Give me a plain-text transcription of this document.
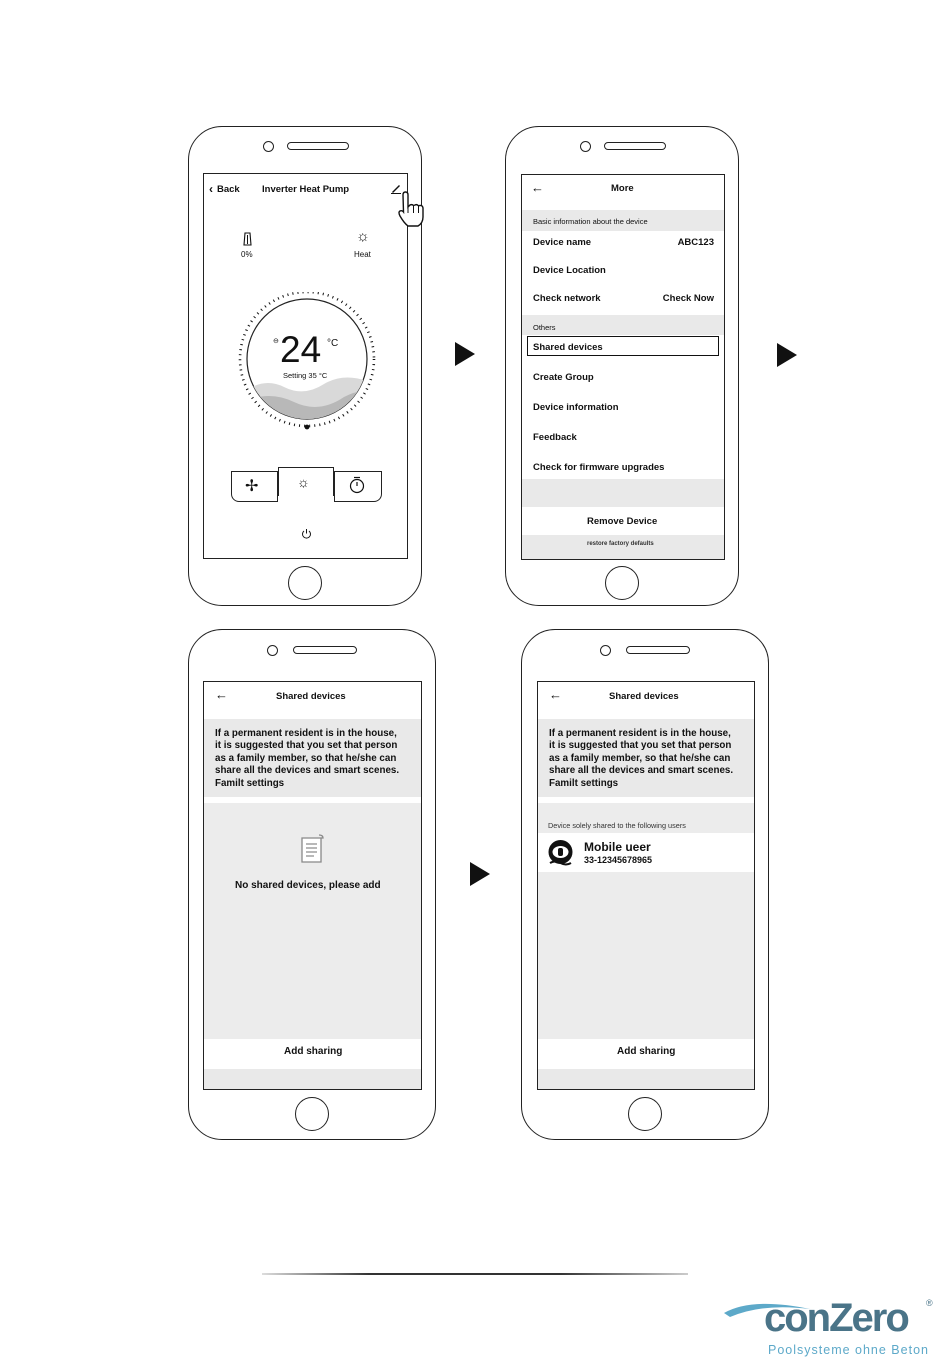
‹ Back Inverter Heat Pump
0%
☼
Heat
⊖ 24 °C
Setting 35 °C
✢	☼
←	More
Basic information about the device
Device name	ABC123
Device Location
Check network	Check Now
Others
Shared devices
Create Group
Device information
Feedback
Check for firmware upgrades
Remove Device
restore factory defaults
←	Shared devices
If a permanent resident is in the house,
it is suggested that you set that person
as a family member, so that he/she can
share all the devices and smart scenes.
Familt settings
No shared devices, please add
Add sharing
←	Shared devices
If a permanent resident is in the house,
it is suggested that you set that person
as a family member, so that he/she can
share all the devices and smart scenes.
Familt settings
Device solely shared to the following users
Mobile ueer
33-12345678965
Add sharing
conZero ®
Poolsysteme ohne Beton
